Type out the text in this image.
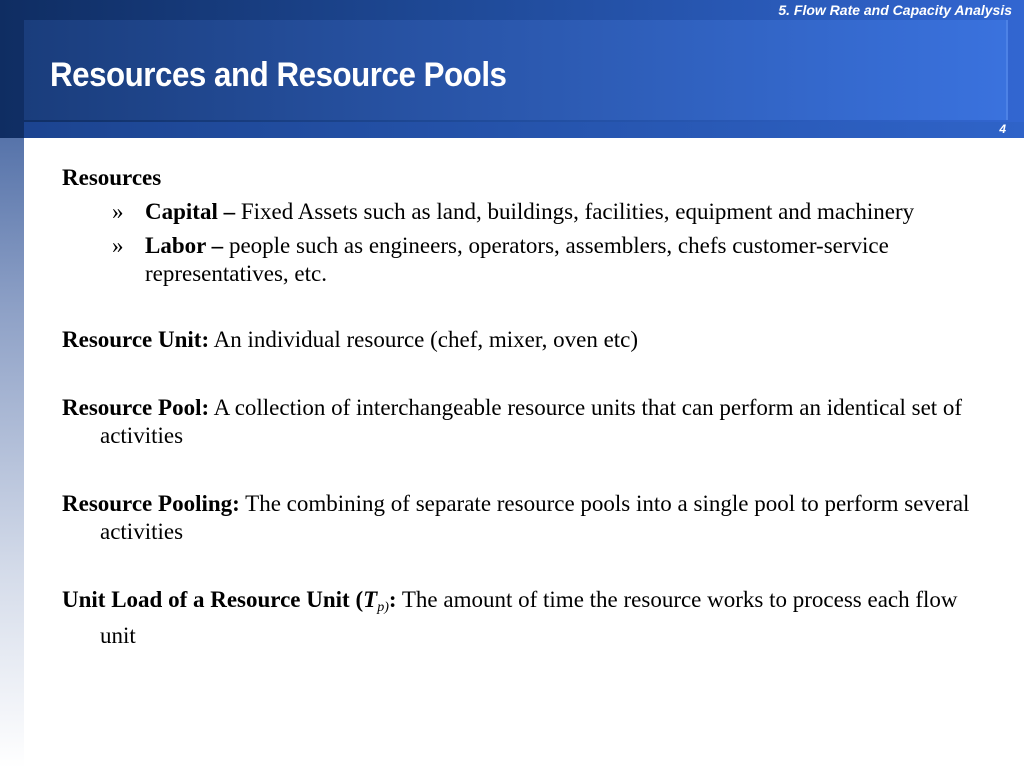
5. Flow Rate and Capacity Analysis
Resources and Resource Pools
4

Resources

» Capital – Fixed Assets such as land, buildings, facilities, equipment and machinery
» Labor – people such as engineers, operators, assemblers, chefs customer-service representatives, etc.

Resource Unit: An individual resource (chef, mixer, oven etc)

Resource Pool: A collection of interchangeable resource units that can perform an identical set of activities

Resource Pooling: The combining of separate resource pools into a single pool to perform several activities

Unit Load of a Resource Unit ($T_{p)}$: The amount of time the resource works to process each flow unit
